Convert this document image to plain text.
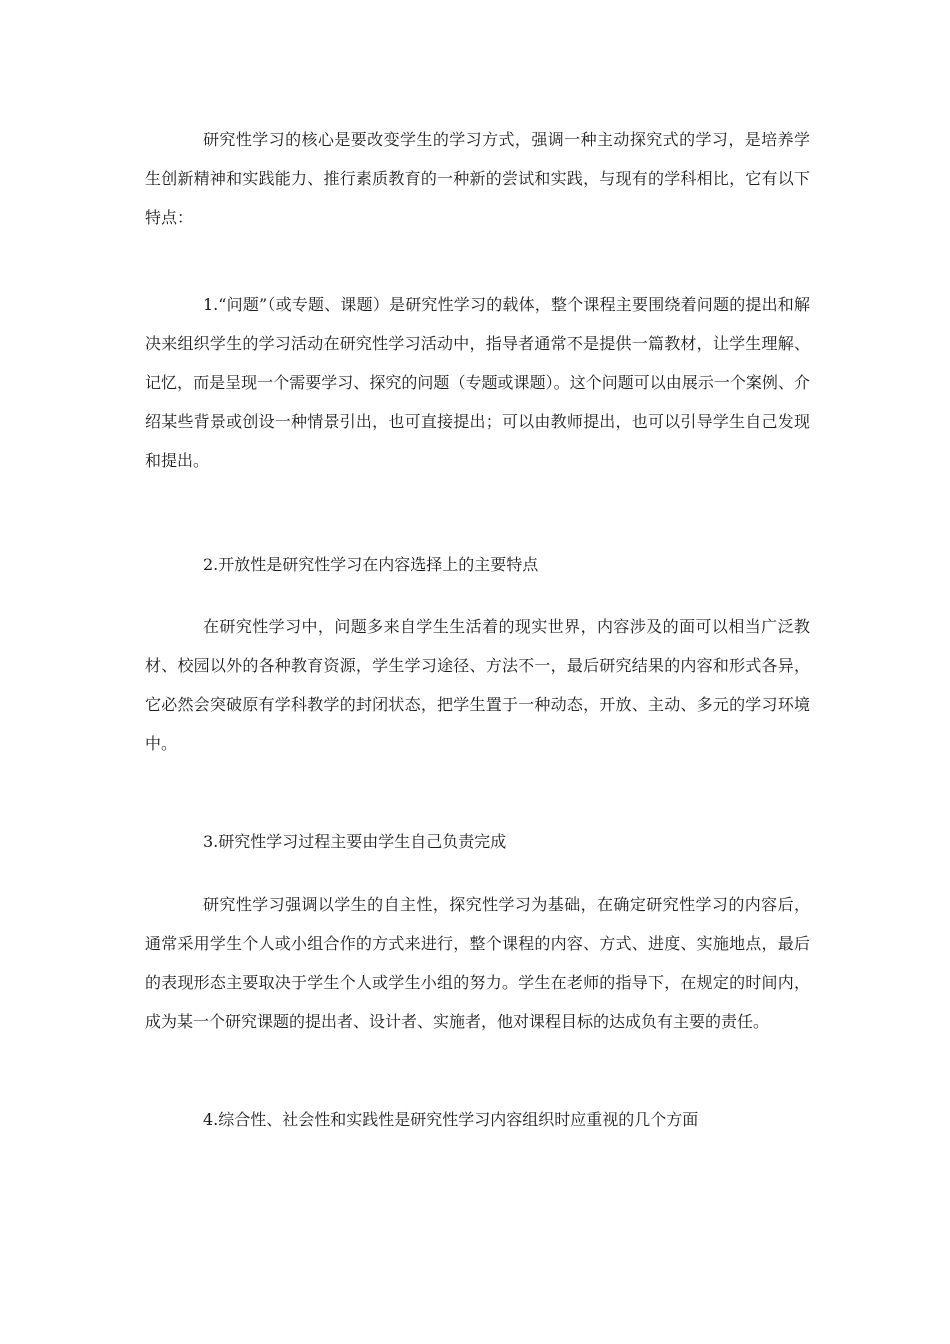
研究性学习的核心是要改变学生的学习方式，强调一种主动探究式的学习，是培养学生创新精神和实践能力、推行素质教育的一种新的尝试和实践，与现有的学科相比，它有以下特点：

1.“问题”（或专题、课题）是研究性学习的载体，整个课程主要围绕着问题的提出和解决来组织学生的学习活动在研究性学习活动中，指导者通常不是提供一篇教材，让学生理解、记忆，而是呈现一个需要学习、探究的问题（专题或课题）。这个问题可以由展示一个案例、介绍某些背景或创设一种情景引出，也可直接提出；可以由教师提出，也可以引导学生自己发现和提出。

2.开放性是研究性学习在内容选择上的主要特点

在研究性学习中，问题多来自学生生活着的现实世界，内容涉及的面可以相当广泛教材、校园以外的各种教育资源，学生学习途径、方法不一，最后研究结果的内容和形式各异，它必然会突破原有学科教学的封闭状态，把学生置于一种动态，开放、主动、多元的学习环境中。

3.研究性学习过程主要由学生自己负责完成

研究性学习强调以学生的自主性，探究性学习为基础，在确定研究性学习的内容后，通常采用学生个人或小组合作的方式来进行，整个课程的内容、方式、进度、实施地点，最后的表现形态主要取决于学生个人或学生小组的努力。学生在老师的指导下，在规定的时间内，成为某一个研究课题的提出者、设计者、实施者，他对课程目标的达成负有主要的责任。

4.综合性、社会性和实践性是研究性学习内容组织时应重视的几个方面
